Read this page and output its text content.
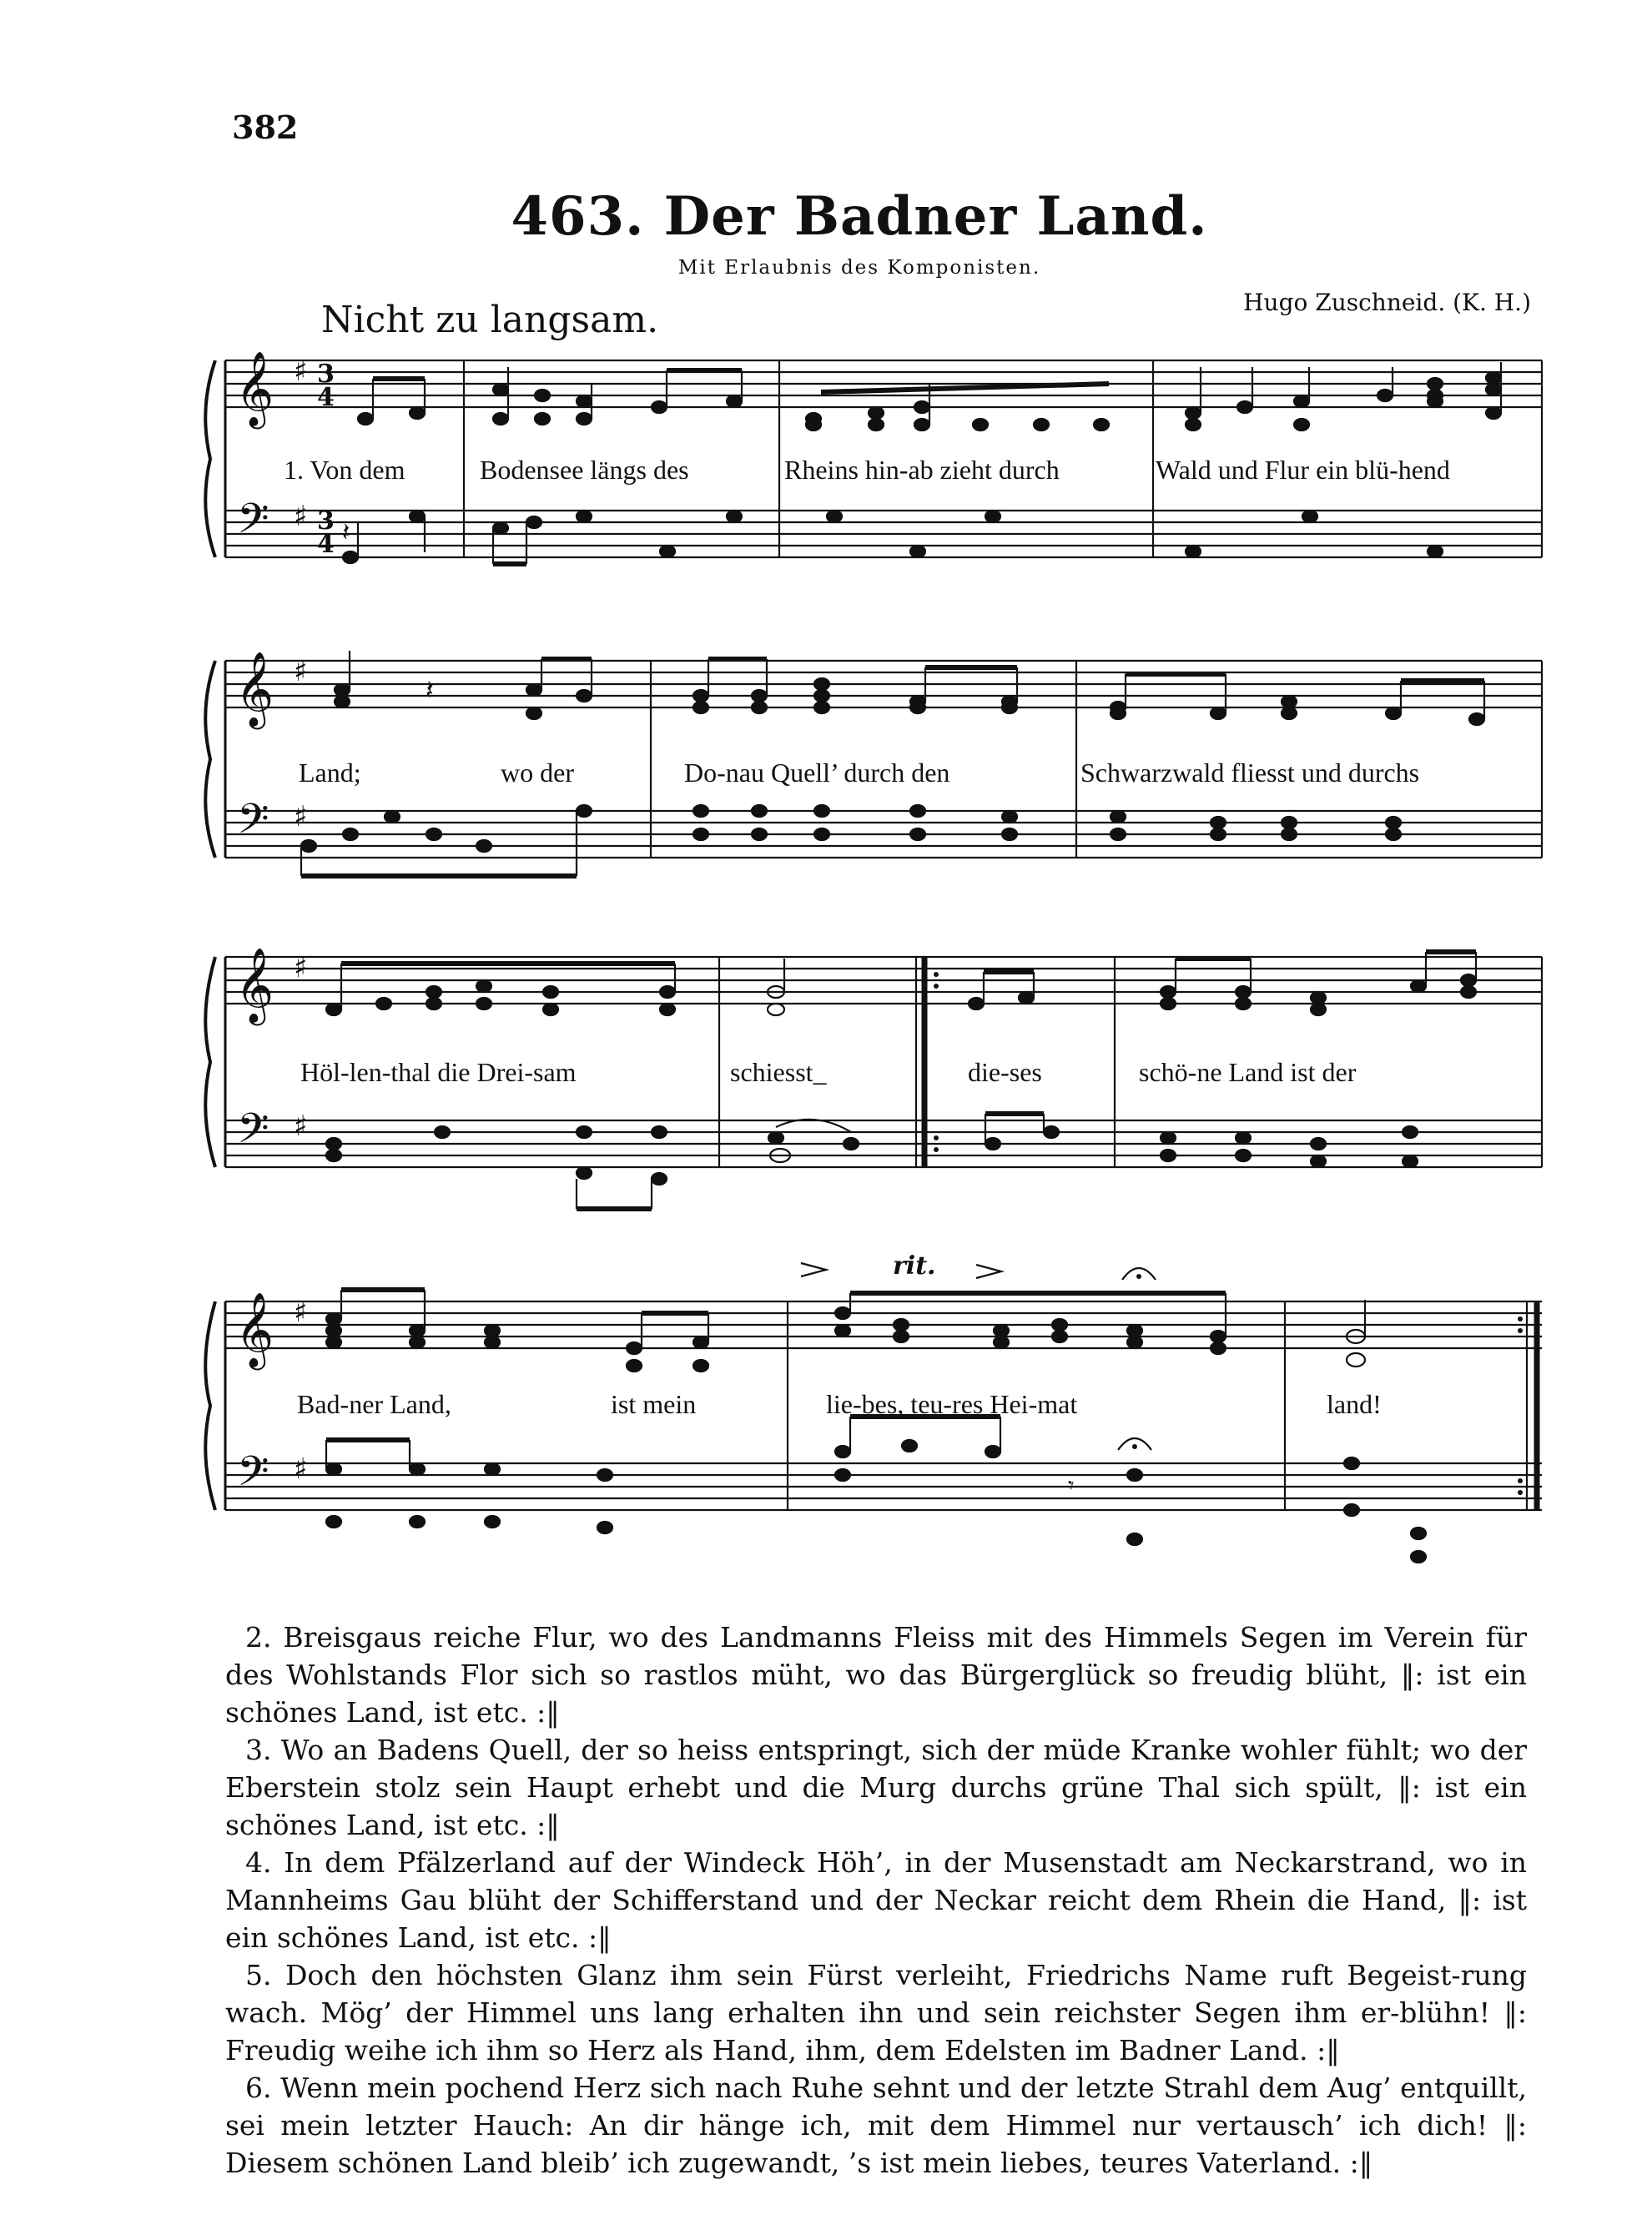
382
463. Der Badner Land.
Mit Erlaubnis des Komponisten.
Nicht zu langsam.	Hugo Zuschneid. (K. H.)
𝄞 ♯ 3
4
𝄢 ♯ 3
4 𝄽
1. Von dem	Bodensee längs des	Rheins hin-ab zieht durch	Wald und Flur ein blü-hend
𝄞 ♯
𝄢 ♯
𝄽
Land;	wo der	Do-nau Quell’ durch den	Schwarzwald fliesst und durchs
𝄞 ♯
𝄢 ♯
Höl-len-thal die Drei-sam	schiesst_	die-ses	schö-ne Land ist der
rit.
𝄞 ♯
𝄢 ♯	𝄾
Bad-ner Land,	ist mein	lie-bes, teu-res Hei-mat	land!

2. Breisgaus reiche Flur, wo des Landmanns Fleiss mit des Himmels Segen im Verein für des Wohlstands Flor sich so rastlos müht, wo das Bürgerglück so freudig blüht, ‖: ist ein schönes Land, ist etc. :‖

3. Wo an Badens Quell, der so heiss entspringt, sich der müde Kranke wohler fühlt; wo der Eberstein stolz sein Haupt erhebt und die Murg durchs grüne Thal sich spült, ‖: ist ein schönes Land, ist etc. :‖

4. In dem Pfälzerland auf der Windeck Höh’, in der Musenstadt am Neckarstrand, wo in Mannheims Gau blüht der Schifferstand und der Neckar reicht dem Rhein die Hand, ‖: ist ein schönes Land, ist etc. :‖

5. Doch den höchsten Glanz ihm sein Fürst verleiht, Friedrichs Name ruft Begeist-rung wach. Mög’ der Himmel uns lang erhalten ihn und sein reichster Segen ihm er-blühn! ‖: Freudig weihe ich ihm so Herz als Hand, ihm, dem Edelsten im Badner Land. :‖

6. Wenn mein pochend Herz sich nach Ruhe sehnt und der letzte Strahl dem Aug’ entquillt, sei mein letzter Hauch: An dir hänge ich, mit dem Himmel nur vertausch’ ich dich! ‖: Diesem schönen Land bleib’ ich zugewandt, ’s ist mein liebes, teures Vaterland. :‖
